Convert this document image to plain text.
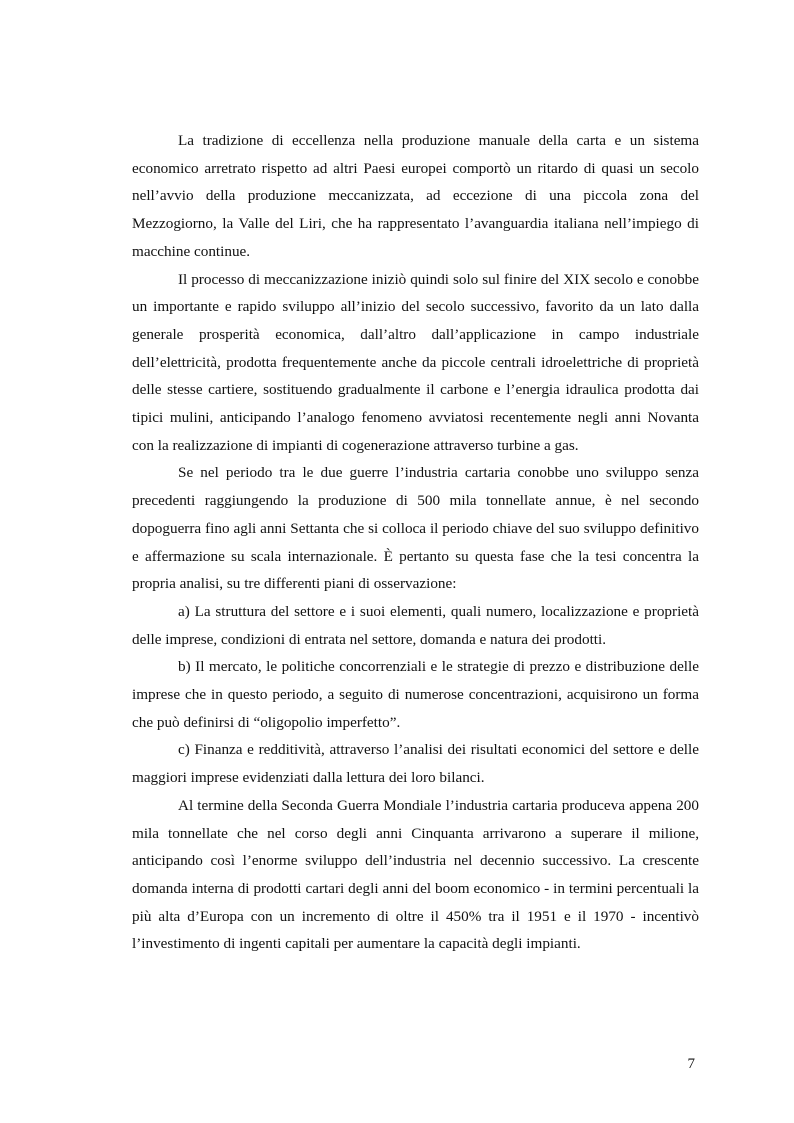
La tradizione di eccellenza nella produzione manuale della carta e un sistema economico arretrato rispetto ad altri Paesi europei comportò un ritardo di quasi un secolo nell’avvio della produzione meccanizzata, ad eccezione di una piccola zona del Mezzogiorno, la Valle del Liri, che ha rappresentato l’avanguardia italiana nell’impiego di macchine continue.

Il processo di meccanizzazione iniziò quindi solo sul finire del XIX secolo e conobbe un importante e rapido sviluppo all’inizio del secolo successivo, favorito da un lato dalla generale prosperità economica, dall’altro dall’applicazione in campo industriale dell’elettricità, prodotta frequentemente anche da piccole centrali idroelettriche di proprietà delle stesse cartiere, sostituendo gradualmente il carbone e l’energia idraulica prodotta dai tipici mulini, anticipando l’analogo fenomeno avviatosi recentemente negli anni Novanta con la realizzazione di impianti di cogenerazione attraverso turbine a gas.

Se nel periodo tra le due guerre l’industria cartaria conobbe uno sviluppo senza precedenti raggiungendo la produzione di 500 mila tonnellate annue, è nel secondo dopoguerra fino agli anni Settanta che si colloca il periodo chiave del suo sviluppo definitivo e affermazione su scala internazionale. È pertanto su questa fase che la tesi concentra la propria analisi, su tre differenti piani di osservazione:

a) La struttura del settore e i suoi elementi, quali numero, localizzazione e proprietà delle imprese, condizioni di entrata nel settore, domanda e natura dei prodotti.

b) Il mercato, le politiche concorrenziali e le strategie di prezzo e distribuzione delle imprese che in questo periodo, a seguito di numerose concentrazioni, acquisirono un forma che può definirsi di “oligopolio imperfetto”.

c) Finanza e redditività, attraverso l’analisi dei risultati economici del settore e delle maggiori imprese evidenziati dalla lettura dei loro bilanci.

Al termine della Seconda Guerra Mondiale l’industria cartaria produceva appena 200 mila tonnellate che nel corso degli anni Cinquanta arrivarono a superare il milione, anticipando così l’enorme sviluppo dell’industria nel decennio successivo. La crescente domanda interna di prodotti cartari degli anni del boom economico - in termini percentuali la più alta d’Europa con un incremento di oltre il 450% tra il 1951 e il 1970 - incentivò l’investimento di ingenti capitali per aumentare la capacità degli impianti.

7
